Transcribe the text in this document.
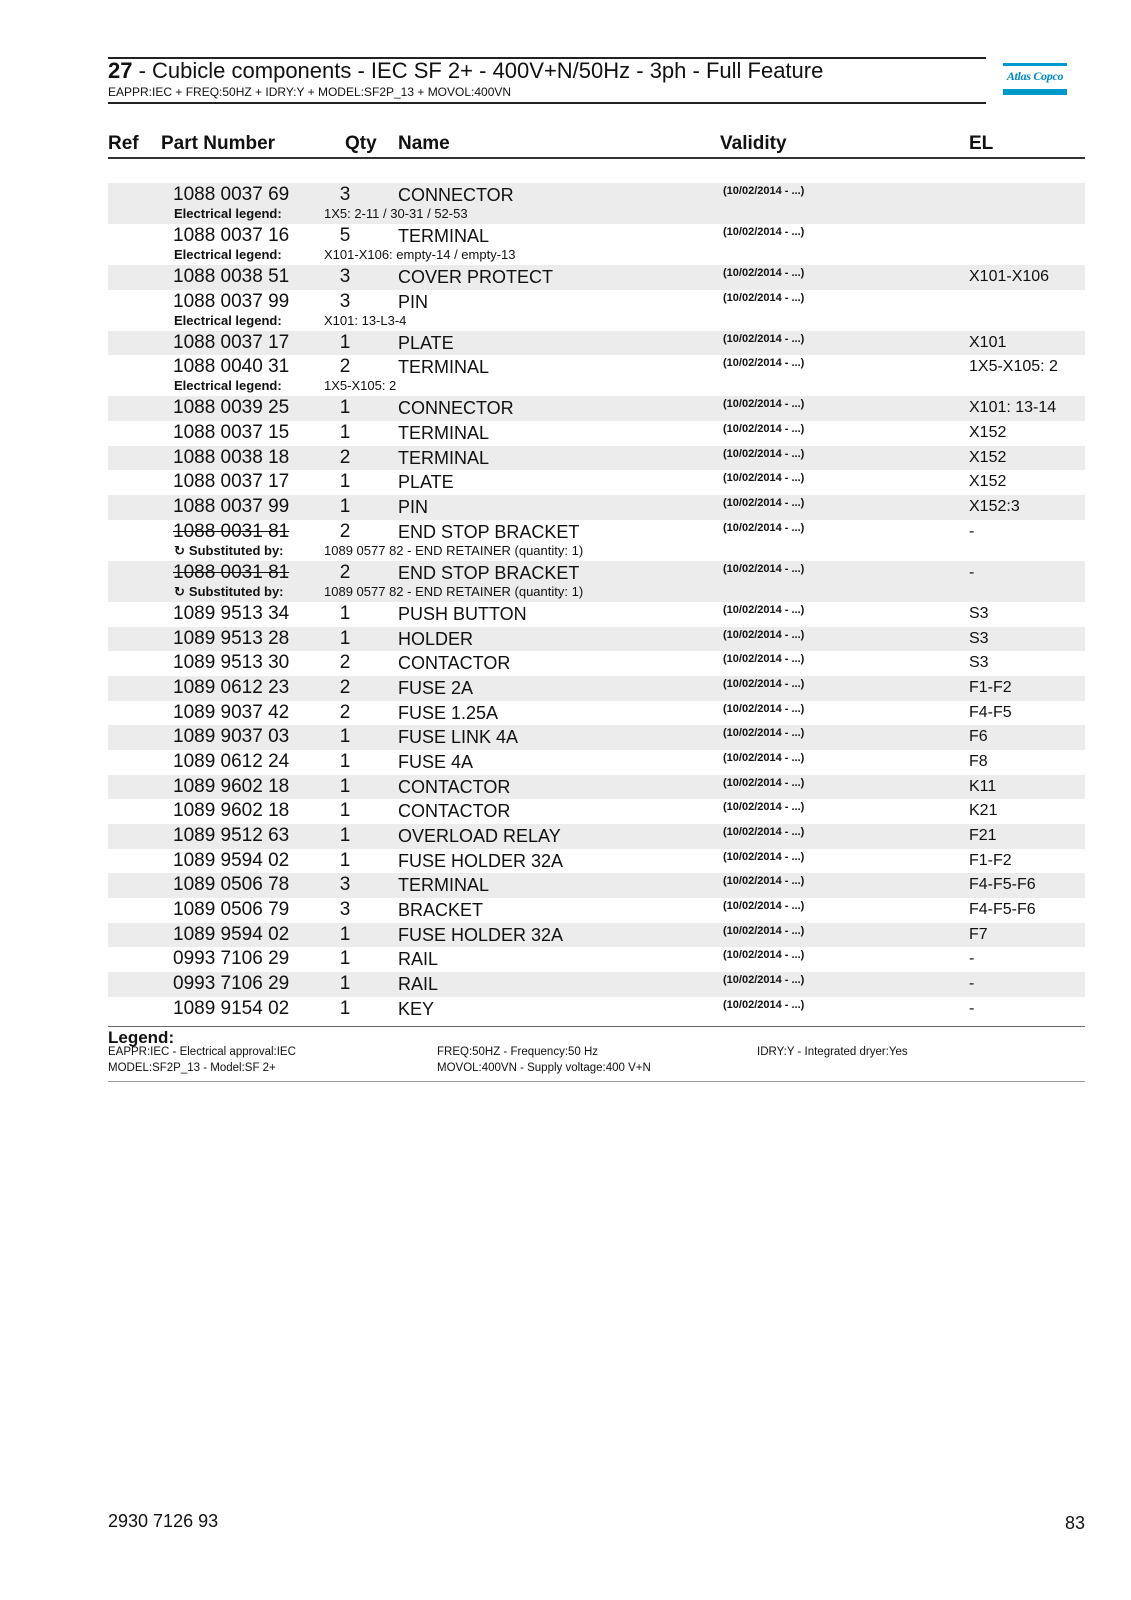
27 - Cubicle components - IEC SF 2+ - 400V+N/50Hz - 3ph - Full Feature
EAPPR:IEC + FREQ:50HZ + IDRY:Y + MODEL:SF2P_13 + MOVOL:400VN
Atlas Copco
Ref Part Number	Qty Name	Validity	EL
1088 0037 69	3	CONNECTOR	(10/02/2014 - ...)
Electrical legend:	1X5: 2-11 / 30-31 / 52-53
1088 0037 16	5	TERMINAL	(10/02/2014 - ...)
Electrical legend:	X101-X106: empty-14 / empty-13
1088 0038 51	3	COVER PROTECT	(10/02/2014 - ...)	X101-X106
1088 0037 99	3	PIN	(10/02/2014 - ...)
Electrical legend:	X101: 13-L3-4
1088 0037 17	1	PLATE	(10/02/2014 - ...)	X101
1088 0040 31	2	TERMINAL	(10/02/2014 - ...)	1X5-X105: 2
Electrical legend:	1X5-X105: 2
1088 0039 25	1	CONNECTOR	(10/02/2014 - ...)	X101: 13-14
1088 0037 15	1	TERMINAL	(10/02/2014 - ...)	X152
1088 0038 18	2	TERMINAL	(10/02/2014 - ...)	X152
1088 0037 17	1	PLATE	(10/02/2014 - ...)	X152
1088 0037 99	1	PIN	(10/02/2014 - ...)	X152:3
1088 0031 81	2	END STOP BRACKET	(10/02/2014 - ...)	-
↻ Substituted by:	1089 0577 82 - END RETAINER (quantity: 1)
1088 0031 81	2	END STOP BRACKET	(10/02/2014 - ...)	-
↻ Substituted by:	1089 0577 82 - END RETAINER (quantity: 1)
1089 9513 34	1	PUSH BUTTON	(10/02/2014 - ...)	S3
1089 9513 28	1	HOLDER	(10/02/2014 - ...)	S3
1089 9513 30	2	CONTACTOR	(10/02/2014 - ...)	S3
1089 0612 23	2	FUSE 2A	(10/02/2014 - ...)	F1-F2
1089 9037 42	2	FUSE 1.25A	(10/02/2014 - ...)	F4-F5
1089 9037 03	1	FUSE LINK 4A	(10/02/2014 - ...)	F6
1089 0612 24	1	FUSE 4A	(10/02/2014 - ...)	F8
1089 9602 18	1	CONTACTOR	(10/02/2014 - ...)	K11
1089 9602 18	1	CONTACTOR	(10/02/2014 - ...)	K21
1089 9512 63	1	OVERLOAD RELAY	(10/02/2014 - ...)	F21
1089 9594 02	1	FUSE HOLDER 32A	(10/02/2014 - ...)	F1-F2
1089 0506 78	3	TERMINAL	(10/02/2014 - ...)	F4-F5-F6
1089 0506 79	3	BRACKET	(10/02/2014 - ...)	F4-F5-F6
1089 9594 02	1	FUSE HOLDER 32A	(10/02/2014 - ...)	F7
0993 7106 29	1	RAIL	(10/02/2014 - ...)	-
0993 7106 29	1	RAIL	(10/02/2014 - ...)	-
1089 9154 02	1	KEY	(10/02/2014 - ...)	-
Legend:
EAPPR:IEC - Electrical approval:IEC	FREQ:50HZ - Frequency:50 Hz	IDRY:Y - Integrated dryer:Yes
MODEL:SF2P_13 - Model:SF 2+	MOVOL:400VN - Supply voltage:400 V+N
2930 7126 93	83
